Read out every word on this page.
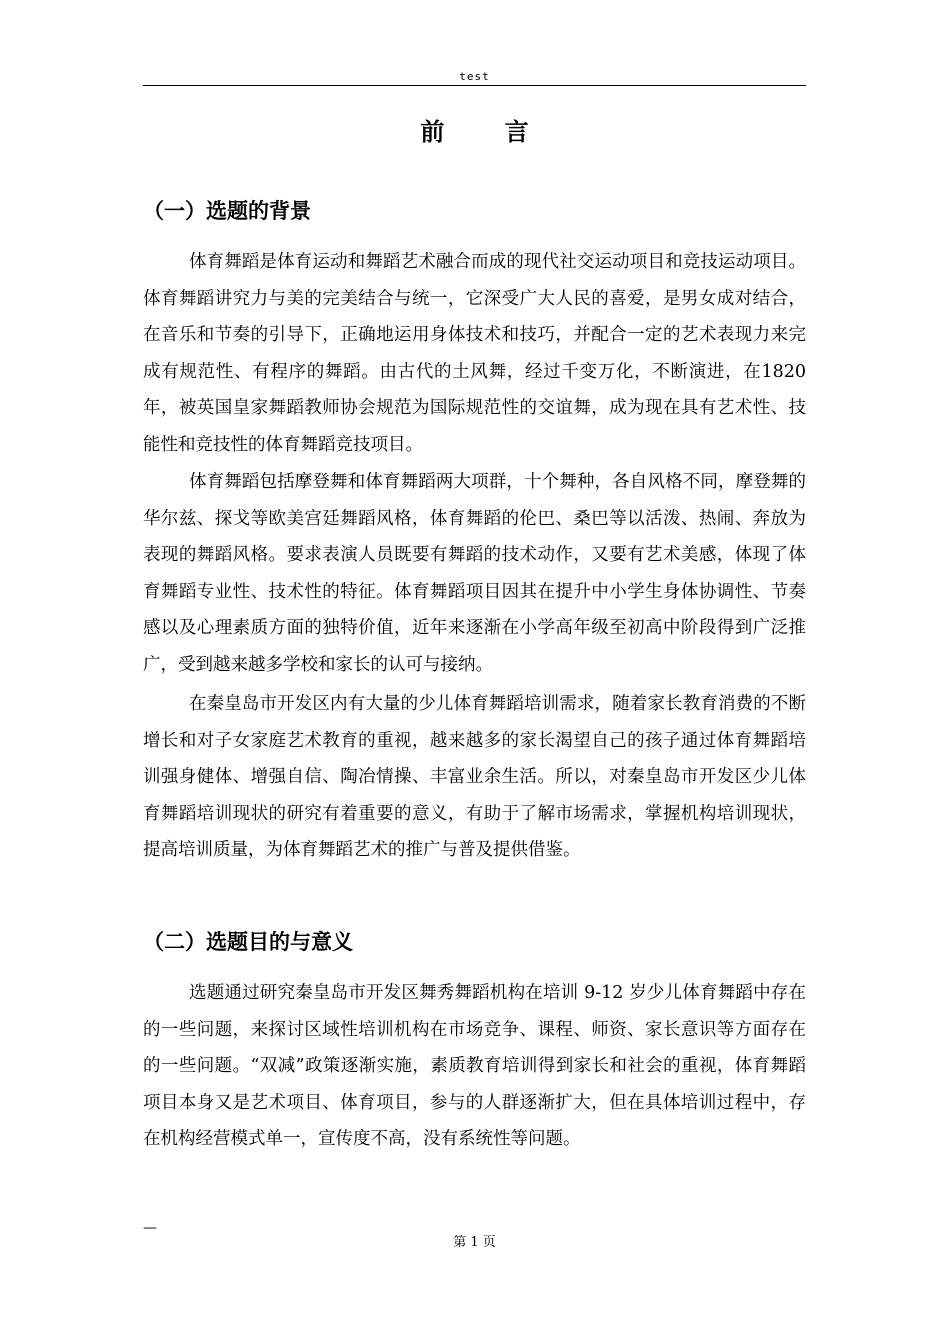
test
前 言
（一）选题的背景

体育舞蹈是体育运动和舞蹈艺术融合而成的现代社交运动项目和竞技运动项目。体育舞蹈讲究力与美的完美结合与统一，它深受广大人民的喜爱，是男女成对结合，在音乐和节奏的引导下，正确地运用身体技术和技巧，并配合一定的艺术表现力来完成有规范性、有程序的舞蹈。由古代的土风舞，经过千变万化，不断演进，在1820年，被英国皇家舞蹈教师协会规范为国际规范性的交谊舞，成为现在具有艺术性、技能性和竞技性的体育舞蹈竞技项目。

体育舞蹈包括摩登舞和体育舞蹈两大项群，十个舞种，各自风格不同，摩登舞的华尔兹、探戈等欧美宫廷舞蹈风格，体育舞蹈的伦巴、桑巴等以活泼、热闹、奔放为表现的舞蹈风格。要求表演人员既要有舞蹈的技术动作，又要有艺术美感，体现了体育舞蹈专业性、技术性的特征。体育舞蹈项目因其在提升中小学生身体协调性、节奏感以及心理素质方面的独特价值，近年来逐渐在小学高年级至初高中阶段得到广泛推广，受到越来越多学校和家长的认可与接纳。

在秦皇岛市开发区内有大量的少儿体育舞蹈培训需求，随着家长教育消费的不断增长和对子女家庭艺术教育的重视，越来越多的家长渴望自己的孩子通过体育舞蹈培训强身健体、增强自信、陶冶情操、丰富业余生活。所以，对秦皇岛市开发区少儿体育舞蹈培训现状的研究有着重要的意义，有助于了解市场需求，掌握机构培训现状，提高培训质量，为体育舞蹈艺术的推广与普及提供借鉴。

（二）选题目的与意义

选题通过研究秦皇岛市开发区舞秀舞蹈机构在培训 9-12 岁少儿体育舞蹈中存在的一些问题，来探讨区域性培训机构在市场竞争、课程、师资、家长意识等方面存在的一些问题。“双减”政策逐渐实施，素质教育培训得到家长和社会的重视，体育舞蹈项目本身又是艺术项目、体育项目，参与的人群逐渐扩大，但在具体培训过程中，存在机构经营模式单一，宣传度不高，没有系统性等问题。

—
第 1 页
